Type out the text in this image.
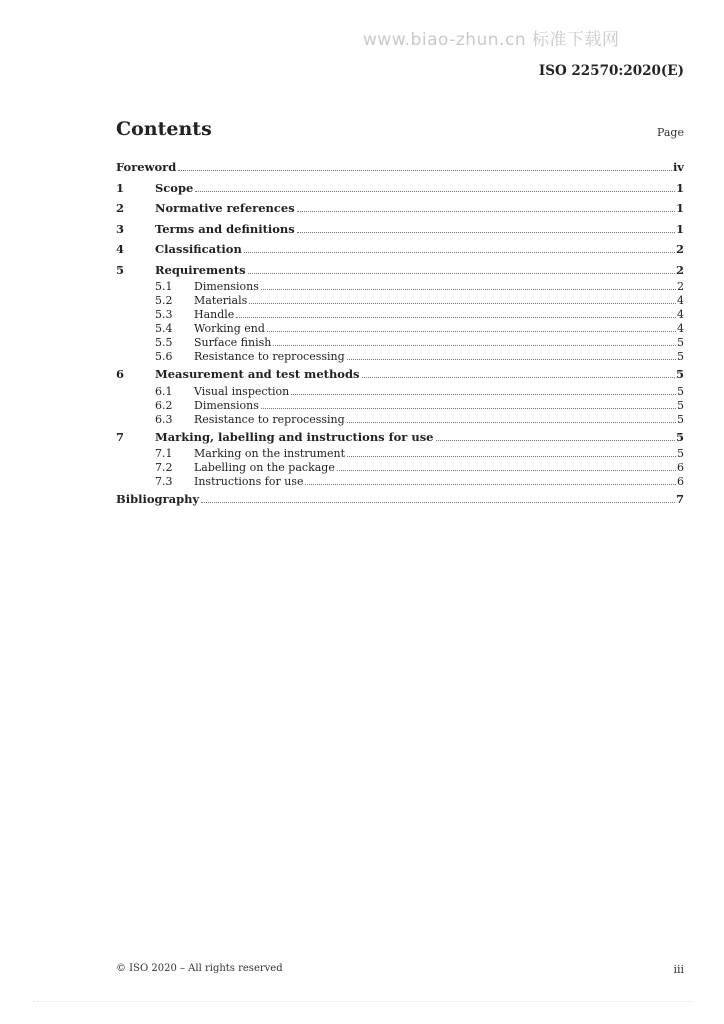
www.biao-zhun.cn 标准下载网
ISO 22570:2020(E)
Contents	Page
Foreword	iv
1	Scope	1
2	Normative references	1
3	Terms and definitions	1
4	Classification	2
5	Requirements	2
5.1	Dimensions	2
5.2	Materials	4
5.3	Handle	4
5.4	Working end	4
5.5	Surface finish	5
5.6	Resistance to reprocessing	5
6	Measurement and test methods	5
6.1	Visual inspection	5
6.2	Dimensions	5
6.3	Resistance to reprocessing	5
7	Marking, labelling and instructions for use	5
7.1	Marking on the instrument	5
7.2	Labelling on the package	6
7.3	Instructions for use	6
Bibliography	7
© ISO 2020 – All rights reserved	iii
